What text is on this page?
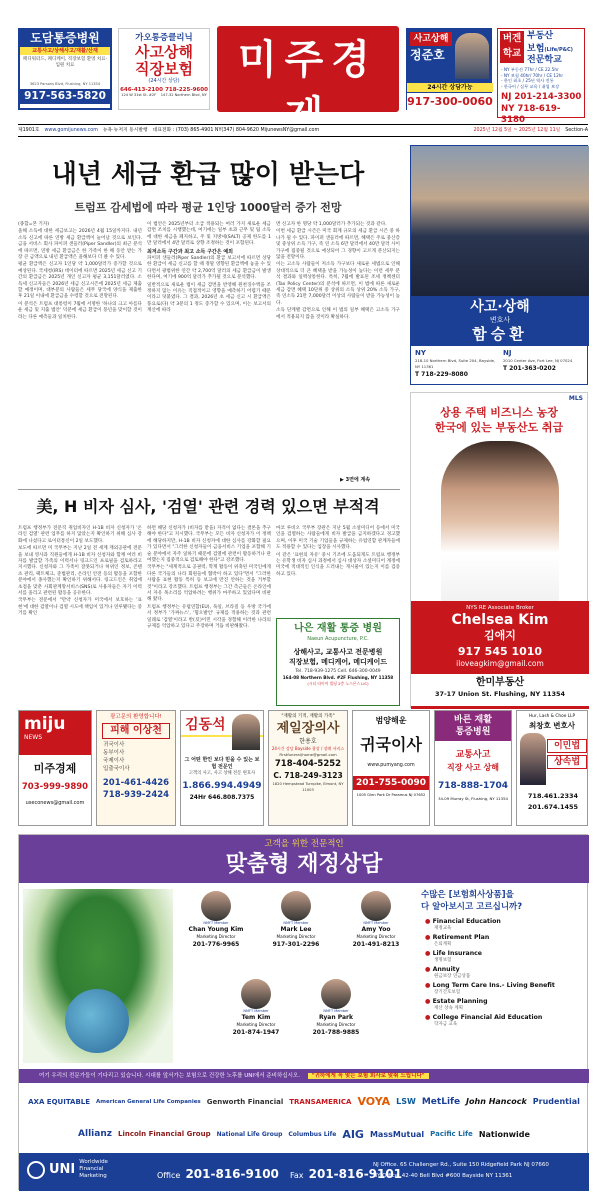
도담통증병원
교통사고/상해사고/재활/산재
페디워터드, 페디케이, 직장보험 환영 치료·입원 치료
3623 Parsons Blvd, Flushing, NY 11354
917-563-5820
가오통증클리닉
사고상해
직장보험
(24시간 상담)
646-413-2100 718-225-9600
124 W 31st St. #2F 147-32 Northern Blvd, NY
미주경제
Korean Business Journal
사고상해
정준호
24시간 상담가능
917-300-0060
버겐
학교
부동산
보험(Life/P&C)
전문학교
- NY 부동산 77hr / CE 22.5hr
- NY 보험 40hr/ 70hr / CE 12hr
- 한인 최초 / 25년 역사 전통
- 한국어 / 실무 교육 / 취업 보장
NJ 201-214-3300
NY 718-619-3180
제1901호 www.gomijunews.com 뉴욕·뉴저지 동시발행 대표전화 : (703) 865-4901 NY(347) 804-9620 MijunewsNY@gmail.com	2025년 12월 5일 ~ 2025년 12월 11일 Section-A
내년 세금 환급 많이 받는다
트럼프 감세법에 따라 평균 1인당 1000달러 증가 전망

(종합=본 기자)

올해 소득에 대한 세금보고는 2026년 4월 15일까지다. 내년 소득 신고에 따른 연방 세금 환급액이 늘어날 것으로 보인다. 금융 서비스 회사 파이퍼 샌들러(Piper Sandler)의 최근 분석에 따르면, 연방 세금 환급금은 한 가족이 한 해 동안 받는 가장 큰 금액으로 내년 환급액은 올해보다 더 클 수 있다.

평균 환급액은 신고자 1인당 약 1,000달러가 증가할 것으로 예상된다. 국세청(IRS) 데이터에 따르면 2025년 세금 신고 기간의 환급금은 2025년 개인 신고자 평균 3,151달러였다. 소득세 신고자들은 2026년 세금 신고시즌에 2025년 세금 제출할 예정이며, 대부분의 사람들은 세무 당국에 양식을 제출한 후 21일 이내에 환급금을 수령할 것으로 전망된다.

이 분석은 트럼프 대통령이 7월에 서명한 '하나의 크고 아름다운 세금 및 지출 법안' 덕분에 세금 환급이 풍년을 맞이할 것이라는 다른 예측들과 일치한다.

이 법안은 2025년부터 소급 적용되는 여러 가지 새로운 세금 감면 조치를 시행했는데, 여기에는 일부 초과 근무 및 팁 소득에 대한 세금을 폐지하고, 주 및 지방세(SALT) 공제 한도를 1만 달러에서 4만 달러로 상향 조정하는 것이 포함된다.

최저소득 구간과 최고 소득 구간은 예외

파이퍼 샌들러(Piper Sandler)의 환급 보고서에 따르면 상당한 환급이 세금 신고를 할 때 정말 영향된 환급액에 놓을 수 있다면서 광범위한 연간 약 2,700억 달러의 세금 환급금이 발생한다며, 여기에 900억 달러가 추가될 것으로 분석했다.

일반적으로 새로운 법이 세금 감면을 반영해 원천징수액을 조정하지 않는 이유는 직접적이고 영향을 예측하기 어렵기 때문이라고 덧붙였다. 그 결과, 2026년 초 세금 신고 시 환급액은 풍요로(다) 약 3분의 1 정도 증가할 수 있으며, 이는 보고서의 계산에 따라

면 신고자 한 명당 약 1,000달러가 추가되는 것과 같다.

이번 세금 환급 시즌은 미국 회계 규모의 세금 환급 시즌 중 하나가 될 수 있다. 파이퍼 샌들러에 따르면, 혜택은 주로 중산층 및 중상위 소득 가구, 즉 연 소득 6만 달러에서 40만 달러 사이 가구에 집중될 것으로 예상되어 그 경향이 고르게 분산되지는 않을 전망이다.

이는 고소득 사람들이 저소득 가구보다 새로운 세법으로 인해 상대적으로 더 큰 혜택을 받을 가능성이 높다는 이런 세무 분석 결과와 일맥상통한다. 특히, 7월에 발표된 조세 정책센터(Tax Policy Center)의 분석에 따르면, 이 법에 따른 새로운 세금 감면 혜택 10단위 중 상위의 소득 상위 20% 소득 가구, 즉 연소득 21만 7,000달러 이상의 사람들이 받을 가능성이 높다.

소득 단계별 감면으로 인해 이 법의 일부 혜택은 고소득 가구에서 적용되지 않을 것이라 확실하다.

▶ 3면에 계속
사고·상해
변호사
함승환
NY
218-10 Northern Blvd, Suite 204, Bayside, NY 11361
T 718-229-8080
NJ
2010 Center Ave, Fort Lee, NJ 07024
T 201-363-0202
美, H 비자 심사, '검열' 관련 경력 있으면 부적격

트럼프 행정부가 전문직 취업비자인 H-1B 비자 신청자가 '온라인 검열' 관련 업무를 하지 않았는지 확인하기 위해 심사 강화에 나섰다고 로이터통신이 2일 보도했다.

보도에 따르면 미 국무부는 지난 2일 전 세계 재외공관에 전문을 보내 영사과 직원들에게 H-1B 비자 신청자와 함께 여러 비자를 발급할 가족의 이력서나 링크드인 프로필을 검토하라고 지시했다. 신청자와 그 가족이 잘못되거나 허위인 정보, 콘텐츠 관리, 팩트체크, 준법관리, 온라인 안전 등의 활동을 포함한 분야에서 종사했는지 확인하기 위해서다. 링크드인은 취업에 초점을 맞춘 사회관계망서비스(SNS)로 사용자들은 자기 이력서를 올리고 관련된 활동을 공유한다.

국무부는 전문에서 "만약 신청자가 미국에서 보호하는 '표현'에 대한 검열이나 검열 시도에 책임이 있거나 연루됐다는 증거를 확인

하면 해당 신청자가 (비자를 받을) 자격이 없다는 결론을 추구해야 한다"고 지시했다. 국무부는 모든 비자 신청자가 이 정책에 해당하지만, H-1B 비자 신청자에 대한 심사를 강화할 필요가 있다면서 "그러한 신청자들이 금융서비스 기업을 포함해 기술 분야에서 자주 일하기 때문에 검열에 관련이 활동하거나 관여했는지 집중적으로 검토해야 한다"고 강조했다.

국무부는 "세계적으로 공권력, 학계 활동이 위축된 미국인에게 다른 국가들의 나라 회원들에 협박이 하고 있다"면서 "그러한 사람을 표현 활동 특히 등 보고에 만진 안하는 것을 거부할 것"이라고 강조했다. 트럼프 행정부는 그간 측근들은 온라인에서 자유 목소리를 억압하려는 행위가 마주하고 있었다며 비판해 왔다.

트럼프 행정부는 유럽연합(EU), 독일, 브라질 등 우방 국가에서 정부가 '가짜뉴스', '혐오발언' 규제를 적용하는 것과 관련 일례로 '검열'이라고 반(反)이민 시각을 경험해 이러한 나라의 규제를 억압하고 있다고 주장하며 거듭 비판해왔다.

마코 루비오 국무부 장관은 지난 5월 소셜미디어 등에서 미국인을 검열하는 사람들에게 비자 발급을 금지하겠다고 경고했으며, 이후 미국 기술 기업들을 규제하는 유럽연합 관계자들에도 적용할 수 있다는 입장을 시사했다.

이 같은 '표현의 자유' 중시 기조에 도움되게도 트럼프 행정부는 유학생 비자 심사 과정에서 심사 대상자 소셜미디어 계정에 미국에 적대적인 인식을 드러내는 게시물이 있는지 이를 검증하고 있다.

나은 재활 통증 병원
Naeun Acupuncture, P.C.
상해사고, 교통사고 전문병원
직장보험, 메디케어, 메디케이드
Tel. 718-939-1275 Cell. 646-300-0049
164-08 Northern Blvd. #2F Flushing, NY 11358
(시티 타이어 빌딩 2층 노스론스 LIC)
MLS
상용 주택 비즈니스 농장
한국에 있는 부동산도 취급
NYS RE Associate Broker
Chelsea Kim
김애지
917 545 1010
iloveagkim@gmail.com
한미부동산
37-17 Union St. Flushing, NY 11354
miju
NEWS
미주경제
703-999-9890
useconews@gmail.com
광고문의 환영합니다!
피해 이상천
귀국이사
동부이사
국제이사
입출국이사
201-461-4426
718-939-2424
김동석
그 어떤 한인 보다 믿을 수 있는 보험 전문인
고객의 사고, 사고 상해 전문 변호사
1.866.994.4949
24Hr 646.808.7375
"재활의 기적, 재활의 가족"
제일장의사
한용호
24시간 상담 Bayside 광장 / 장례 서비스
Firstfuneral(home@gmail.com
718-404-5252
C. 718-249-3123
1820 Hempstead Turnpike, Elmont, NY 11003
범양해운
귀국이사
www.pumyang.com
201-755-0090
1005 Glen Park Dr Paramus NJ 07652
바른 재활
통증병원
교통사고
직장 사고 상해
718-888-1704
34-09 Murray St, Flushing, NY 11354
Hur, Lash & Choe LLP
최창호 변호사
이민법
상속법
718.461.2334
201.674.1455
고객을 위한 전문적인
맞춤형 재정상담
NMFT Member
Chan Young Kim
Marketing Director
201-776-9965
NMFT Member
Mark Lee
Marketing Director
917-301-2296
NMFT Member
Amy Yoo
Marketing Director
201-491-8213
NMFT Member
Tem Kim
Marketing Director
201-874-1947
NMFT Member
Ryan Park
Marketing Director
201-788-9885
수많은 [보험회사상품]을
다 알아보시고 고르십니까?
● Financial Education
재정교육
● Retirement Plan
은퇴계획
● Life Insurance
생명보험
● Annuity
원금보장 연금상품
● Long Term Care Ins.- Living Benefit
장기간호보험
● Estate Planning
재산 상속 계획
● College Financial Aid Education
학자금 교육
여기 우리의 전문가들이 기다리고 있습니다. 시대를 앞서가는 보험으로 건강한 노후를 UNI에서 준비하십시오. "귀하에게 꼭 맞는 보험 회사로 맞춰 드립니다"
AXA EQUITABLE American General Life Companies Genworth Financial TRANSAMERICA VOYA LSW MetLife John Hancock Prudential
Allianz Lincoln Financial Group National Life Group Columbus Life AIG MassMutual Pacific Life Nationwide
UNI Worldwide Financial Marketing	Office 201-816-9100 Fax 201-816-9101
NJ Office. 65 Challenger Rd., Suite 150 Ridgefield Park NJ 07660
NY Office. 42-40 Bell Blvd #600 Bayside NY 11361
